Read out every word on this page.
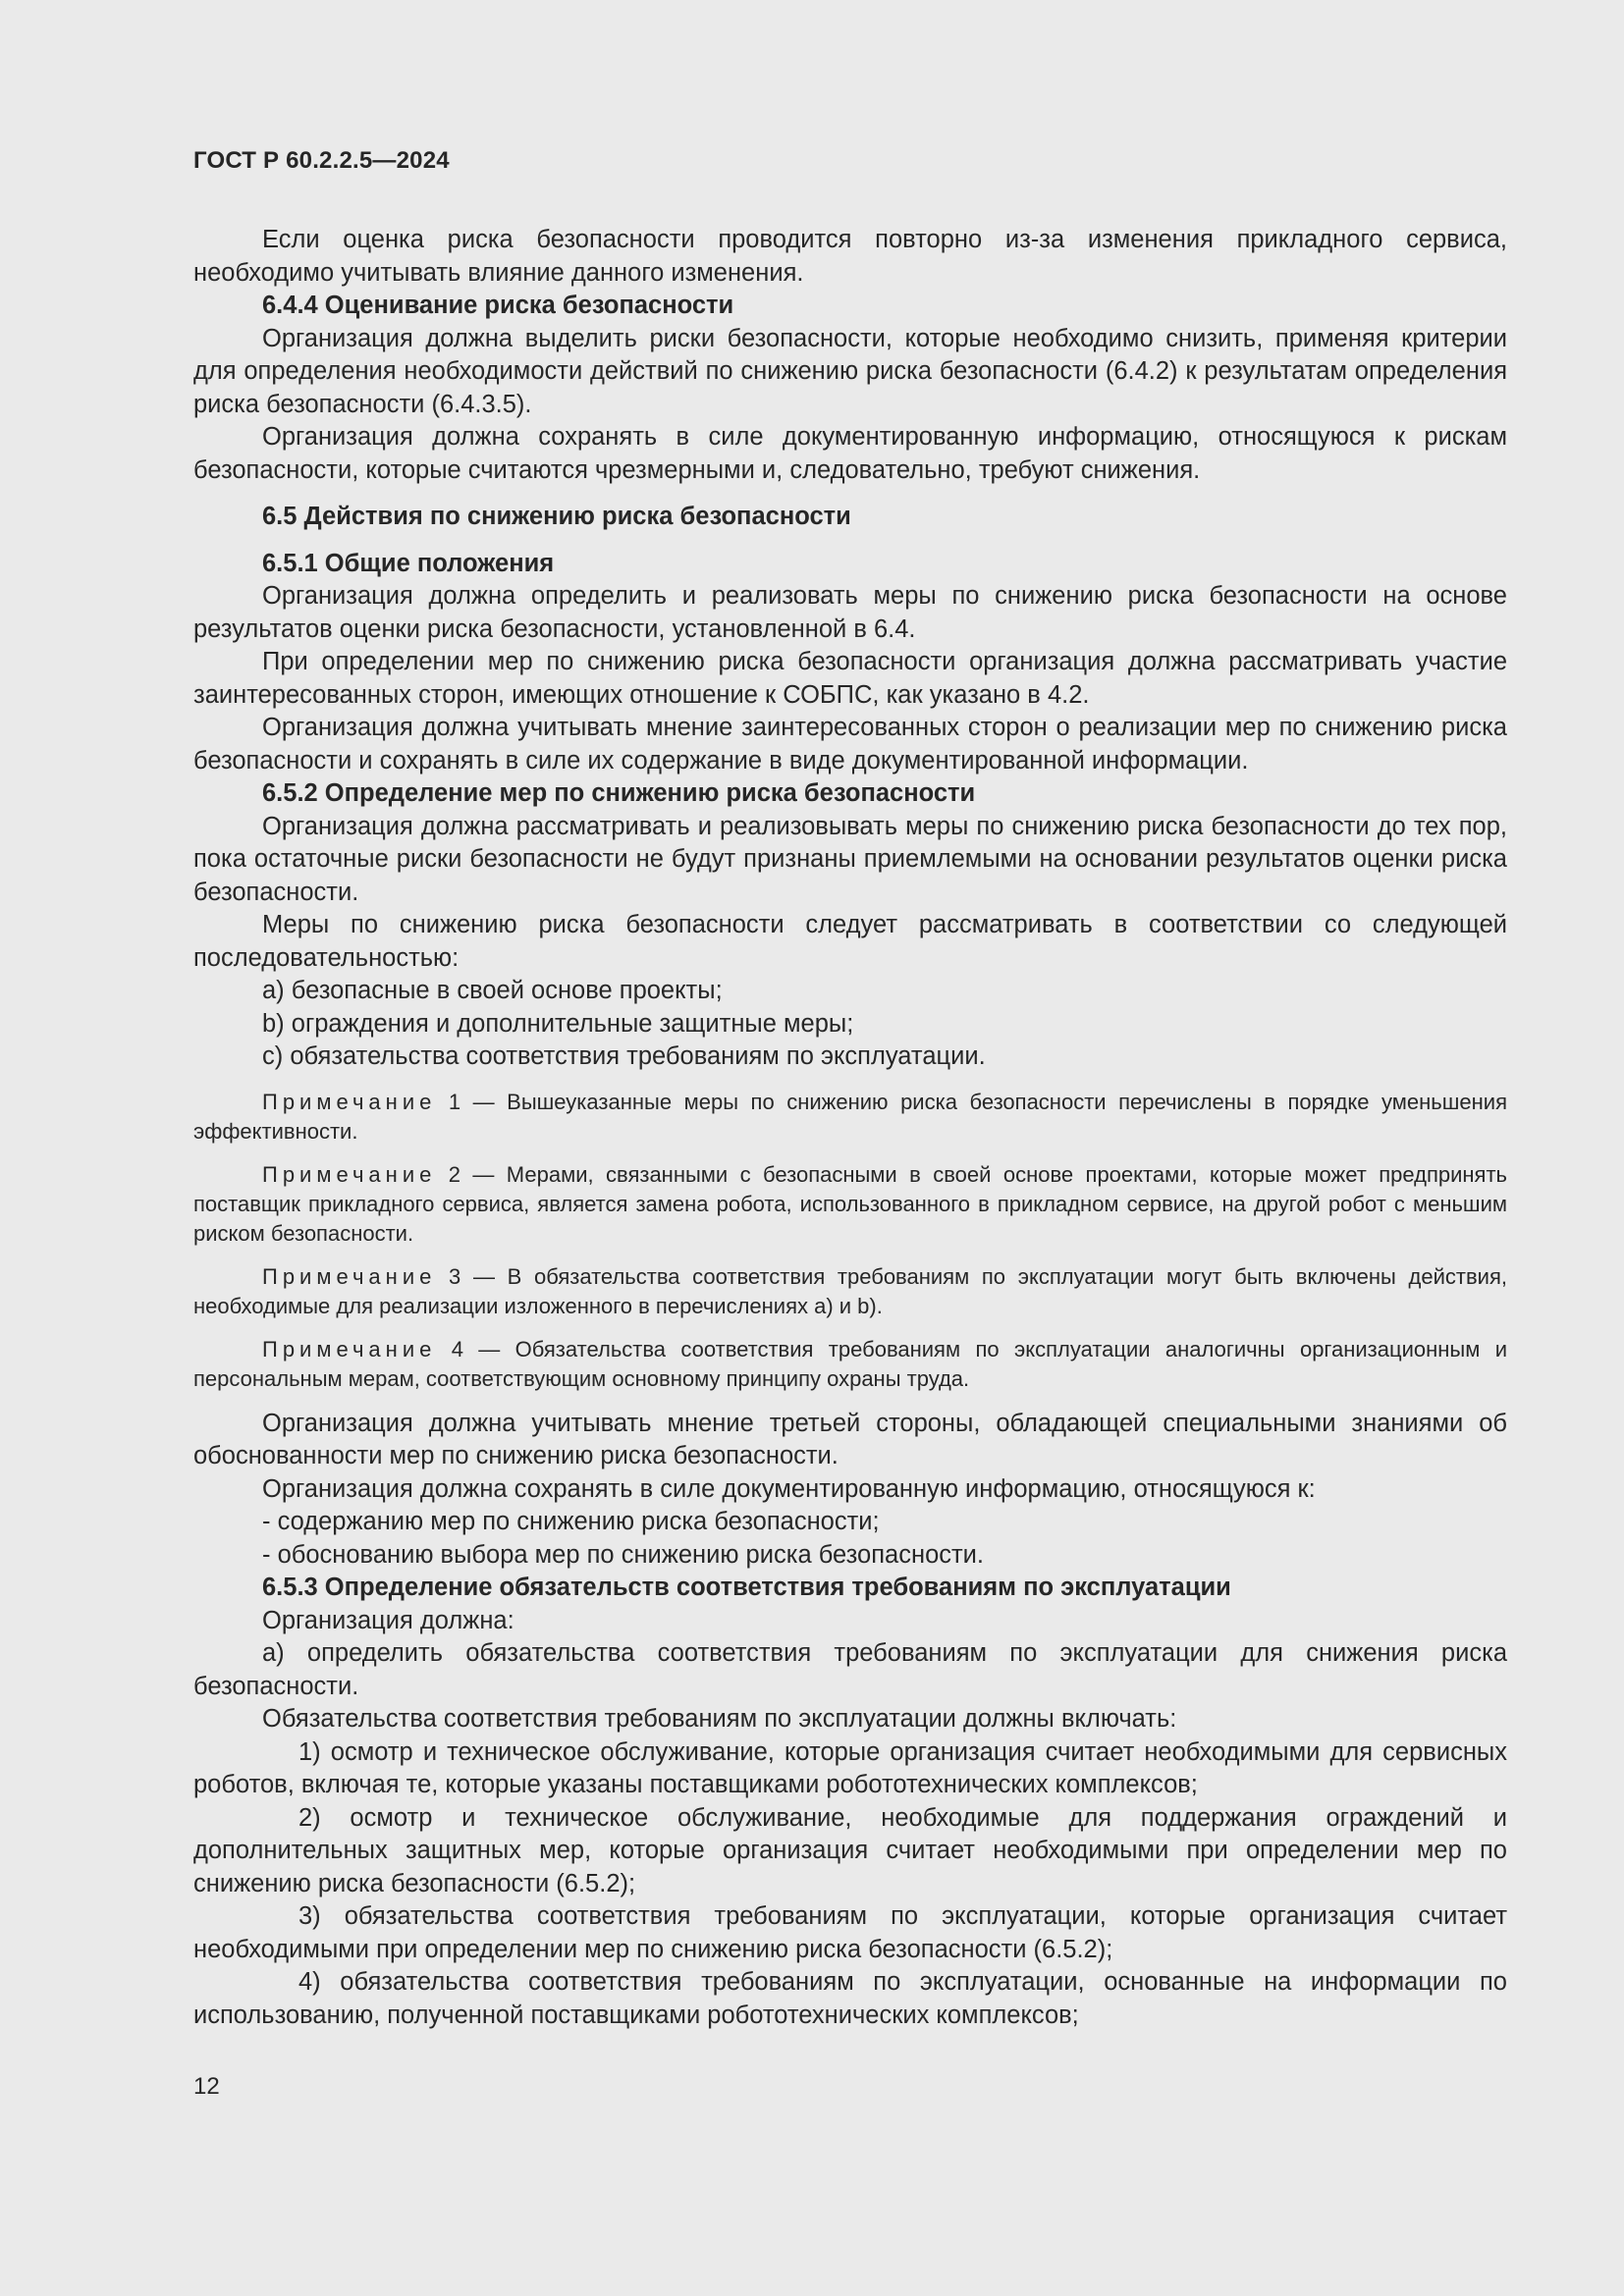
ГОСТ Р 60.2.2.5—2024

Если оценка риска безопасности проводится повторно из-за изменения прикладного сервиса, необходимо учитывать влияние данного изменения.

6.4.4 Оценивание риска безопасности

Организация должна выделить риски безопасности, которые необходимо снизить, применяя критерии для определения необходимости действий по снижению риска безопасности (6.4.2) к результатам определения риска безопасности (6.4.3.5).

Организация должна сохранять в силе документированную информацию, относящуюся к рискам безопасности, которые считаются чрезмерными и, следовательно, требуют снижения.

6.5 Действия по снижению риска безопасности

6.5.1 Общие положения

Организация должна определить и реализовать меры по снижению риска безопасности на основе результатов оценки риска безопасности, установленной в 6.4.

При определении мер по снижению риска безопасности организация должна рассматривать участие заинтересованных сторон, имеющих отношение к СОБПС, как указано в 4.2.

Организация должна учитывать мнение заинтересованных сторон о реализации мер по снижению риска безопасности и сохранять в силе их содержание в виде документированной информации.

6.5.2 Определение мер по снижению риска безопасности

Организация должна рассматривать и реализовывать меры по снижению риска безопасности до тех пор, пока остаточные риски безопасности не будут признаны приемлемыми на основании результатов оценки риска безопасности.

Меры по снижению риска безопасности следует рассматривать в соответствии со следующей последовательностью:

a) безопасные в своей основе проекты;

b) ограждения и дополнительные защитные меры;

c) обязательства соответствия требованиям по эксплуатации.

Примечание 1 — Вышеуказанные меры по снижению риска безопасности перечислены в порядке уменьшения эффективности.

Примечание 2 — Мерами, связанными с безопасными в своей основе проектами, которые может предпринять поставщик прикладного сервиса, является замена робота, использованного в прикладном сервисе, на другой робот с меньшим риском безопасности.

Примечание 3 — В обязательства соответствия требованиям по эксплуатации могут быть включены действия, необходимые для реализации изложенного в перечислениях a) и b).

Примечание 4 — Обязательства соответствия требованиям по эксплуатации аналогичны организационным и персональным мерам, соответствующим основному принципу охраны труда.

Организация должна учитывать мнение третьей стороны, обладающей специальными знаниями об обоснованности мер по снижению риска безопасности.

Организация должна сохранять в силе документированную информацию, относящуюся к:

- содержанию мер по снижению риска безопасности;

- обоснованию выбора мер по снижению риска безопасности.

6.5.3 Определение обязательств соответствия требованиям по эксплуатации

Организация должна:

a) определить обязательства соответствия требованиям по эксплуатации для снижения риска безопасности.

Обязательства соответствия требованиям по эксплуатации должны включать:

1) осмотр и техническое обслуживание, которые организация считает необходимыми для сервисных роботов, включая те, которые указаны поставщиками робототехнических комплексов;

2) осмотр и техническое обслуживание, необходимые для поддержания ограждений и дополнительных защитных мер, которые организация считает необходимыми при определении мер по снижению риска безопасности (6.5.2);

3) обязательства соответствия требованиям по эксплуатации, которые организация считает необходимыми при определении мер по снижению риска безопасности (6.5.2);

4) обязательства соответствия требованиям по эксплуатации, основанные на информации по использованию, полученной поставщиками робототехнических комплексов;

12
